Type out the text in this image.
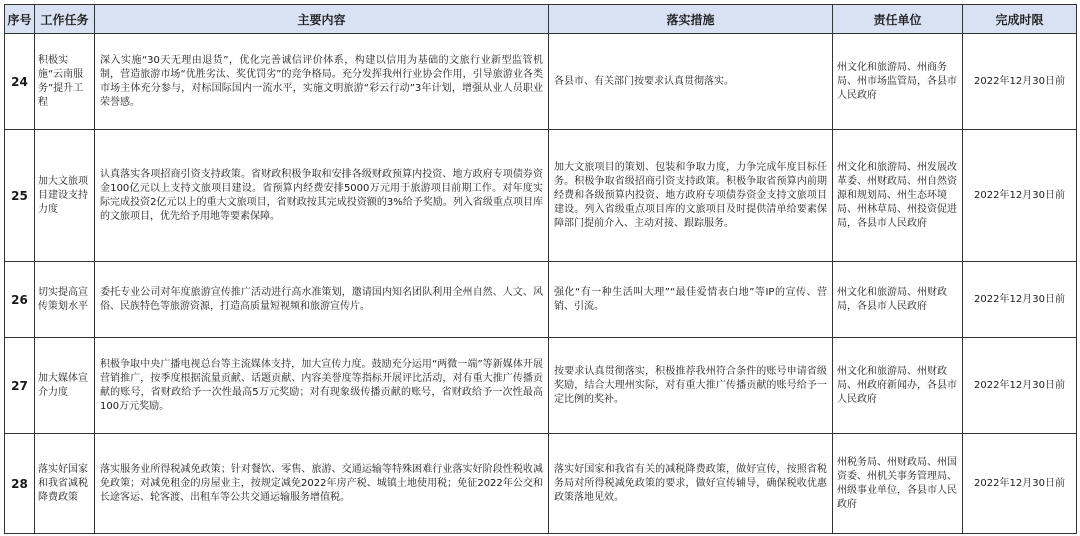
序号	工作任务	主要内容	落实措施	责任单位	完成时限
24	积极实施“云南服务”提升工程	深入实施“30天无理由退货”，优化完善诚信评价体系，构建以信用为基础的文旅行业新型监管机制，营造旅游市场“优胜劣汰、奖优罚劣”的竞争格局。充分发挥我州行业协会作用，引导旅游业各类市场主体充分参与，对标国际国内一流水平，实施文明旅游“彩云行动”3年计划，增强从业人员职业荣誉感。	各县市、有关部门按要求认真贯彻落实。	州文化和旅游局、州商务局、州市场监管局，各县市人民政府	2022年12月30日前
25	加大文旅项目建设支持力度	认真落实各项招商引资支持政策。省财政积极争取和安排各级财政预算内投资、地方政府专项债券资金100亿元以上支持文旅项目建设。省预算内经费安排5000万元用于旅游项目前期工作。对年度实际完成投资2亿元以上的重大文旅项目，省财政按其完成投资额的3%给予奖励。列入省级重点项目库的文旅项目，优先给予用地等要素保障。	加大文旅项目的策划、包装和争取力度，力争完成年度目标任务。积极争取省级招商引资支持政策。积极争取省预算内前期经费和各级预算内投资、地方政府专项债券资金支持文旅项目建设。列入省级重点项目库的文旅项目及时提供清单给要素保障部门提前介入、主动对接、跟踪服务。	州文化和旅游局、州发展改革委、州财政局、州自然资源和规划局、州生态环境局、州林草局、州投资促进局，各县市人民政府	2022年12月30日前
26	切实提高宣传策划水平	委托专业公司对年度旅游宣传推广活动进行高水准策划，邀请国内知名团队利用全州自然、人文、风俗、民族特色等旅游资源，打造高质量短视频和旅游宣传片。	强化“有一种生活叫大理”“最佳爱情表白地”等IP的宣传、营销、引流。	州文化和旅游局、州财政局，各县市人民政府	2022年12月30日前
27	加大媒体宣介力度	积极争取中央广播电视总台等主流媒体支持，加大宣传力度。鼓励充分运用“两微一端”等新媒体开展营销推广，按季度根据流量贡献、话题贡献、内容美誉度等指标开展评比活动，对有重大推广传播贡献的账号，省财政给予一次性最高5万元奖励；对有现象级传播贡献的账号，省财政给予一次性最高100万元奖励。	按要求认真贯彻落实，积极推荐我州符合条件的账号申请省级奖励，结合大理州实际，对有重大推广传播贡献的账号给予一定比例的奖补。	州文化和旅游局、州财政局、州政府新闻办，各县市人民政府	2022年12月30日前
28	落实好国家和我省减税降费政策	落实服务业所得税减免政策；针对餐饮、零售、旅游、交通运输等特殊困难行业落实好阶段性税收减免政策；对减免租金的房屋业主，按规定减免2022年房产税、城镇土地使用税；免征2022年公交和长途客运、轮客渡、出租车等公共交通运输服务增值税。	落实好国家和我省有关的减税降费政策，做好宣传，按照省税务局对所得税减免政策的要求，做好宣传辅导，确保税收优惠政策落地见效。	州税务局、州财政局、州国资委、州机关事务管理局、州级事业单位，各县市人民政府	2022年12月30日前
